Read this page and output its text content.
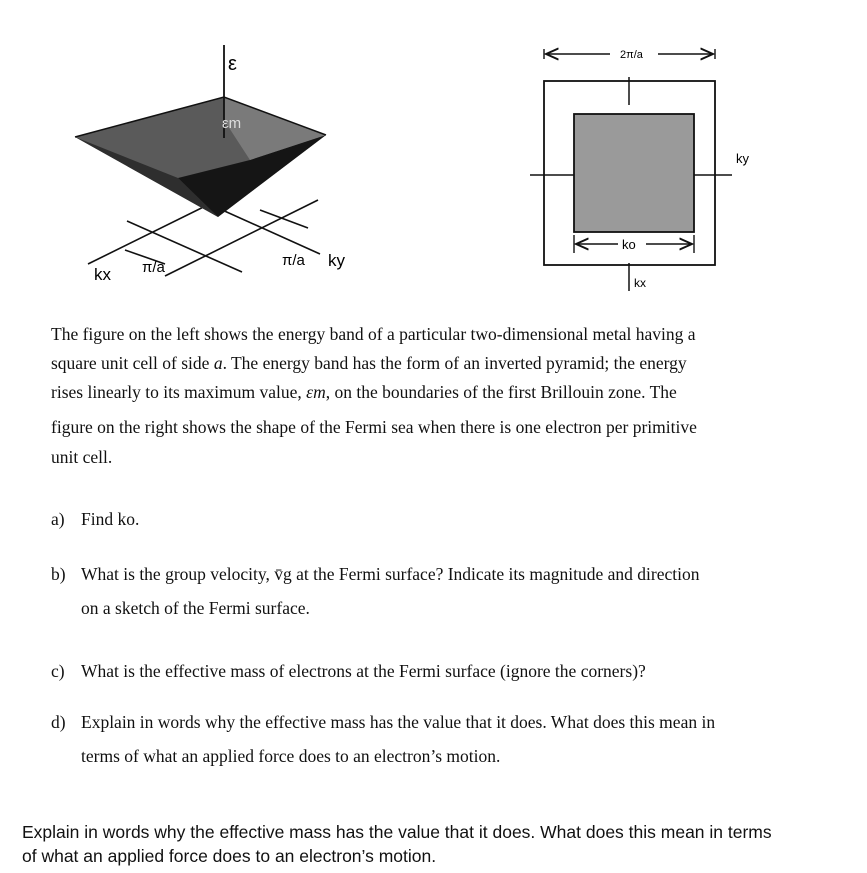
ε
εm
kx π/a	π/a ky
2π/a
ky
ko
kx
The figure on the left shows the energy band of a particular two-dimensional metal having a
square unit cell of side a. The energy band has the form of an inverted pyramid; the energy
rises linearly to its maximum value, εm, on the boundaries of the first Brillouin zone. The
figure on the right shows the shape of the Fermi sea when there is one electron per primitive
unit cell.
a) Find ko.
b) What is the group velocity, v̄g at the Fermi surface? Indicate its magnitude and direction
on a sketch of the Fermi surface.
c) What is the effective mass of electrons at the Fermi surface (ignore the corners)?
d) Explain in words why the effective mass has the value that it does. What does this mean in
terms of what an applied force does to an electron’s motion.
Explain in words why the effective mass has the value that it does. What does this mean in terms
of what an applied force does to an electron’s motion.
